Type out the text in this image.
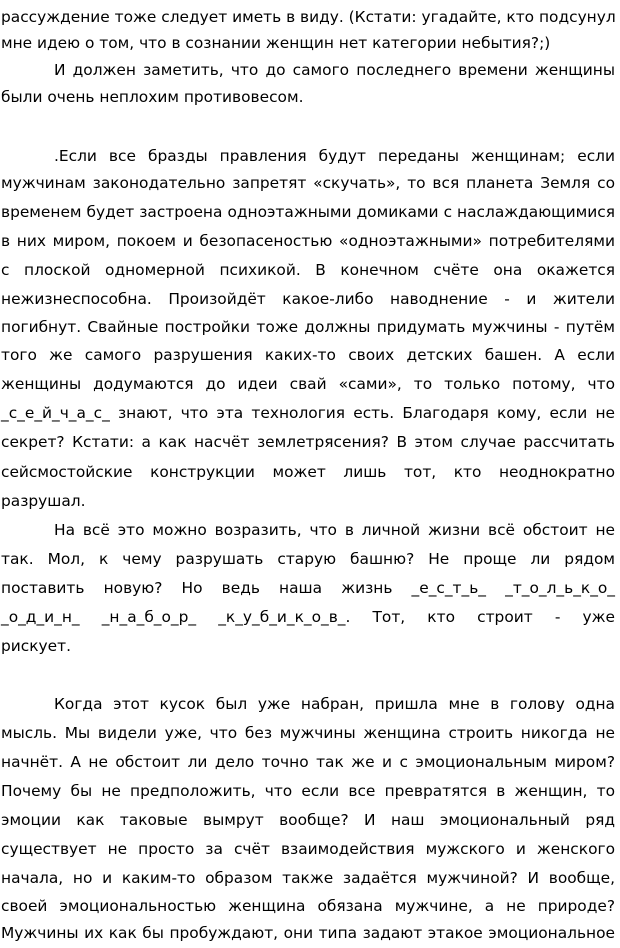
рассуждение тоже следует иметь в виду. (Кстати: угадайте, кто подсунул
мне идею о том, что в сознании женщин нет категории небытия?;)
И должен заметить, что до самого последнего времени женщины
были очень неплохим противовесом.
.Если все бразды правления будут переданы женщинам; если
мужчинам законодательно запретят «скучать», то вся планета Земля со
временем будет застроена одноэтажными домиками с наслаждающимися
в них миром, покоем и безопасеностью «одноэтажными» потребителями
с плоской одномерной психикой. В конечном счёте она окажется
нежизнеспособна. Произойдёт какое-либо наводнение - и жители
погибнут. Свайные постройки тоже должны придумать мужчины - путём
того же самого разрушения каких-то своих детских башен. А если
женщины додумаются до идеи свай «сами», то только потому, что
_с_е_й_ч_а_с_ знают, что эта технология есть. Благодаря кому, если не
секрет? Кстати: а как насчёт землетрясения? В этом случае рассчитать
сейсмостойские конструкции может лишь тот, кто неоднократно
разрушал.
На всё это можно возразить, что в личной жизни всё обстоит не
так. Мол, к чему разрушать старую башню? Не проще ли рядом
поставить новую? Но ведь наша жизнь _е_с_т_ь_ _т_о_л_ь_к_о_
_о_д_и_н_ _н_а_б_о_р_ _к_у_б_и_к_о_в_. Тот, кто строит - уже
рискует.
Когда этот кусок был уже набран, пришла мне в голову одна
мысль. Мы видели уже, что без мужчины женщина строить никогда не
начнёт. А не обстоит ли дело точно так же и с эмоциональным миром?
Почему бы не предположить, что если все превратятся в женщин, то
эмоции как таковые вымрут вообще? И наш эмоциональный ряд
существует не просто за счёт взаимодействия мужского и женского
начала, но и каким-то образом также задаётся мужчиной? И вообще,
своей эмоциональностью женщина обязана мужчине, а не природе?
Мужчины их как бы пробуждают, они типа задают этакое эмоциональное
